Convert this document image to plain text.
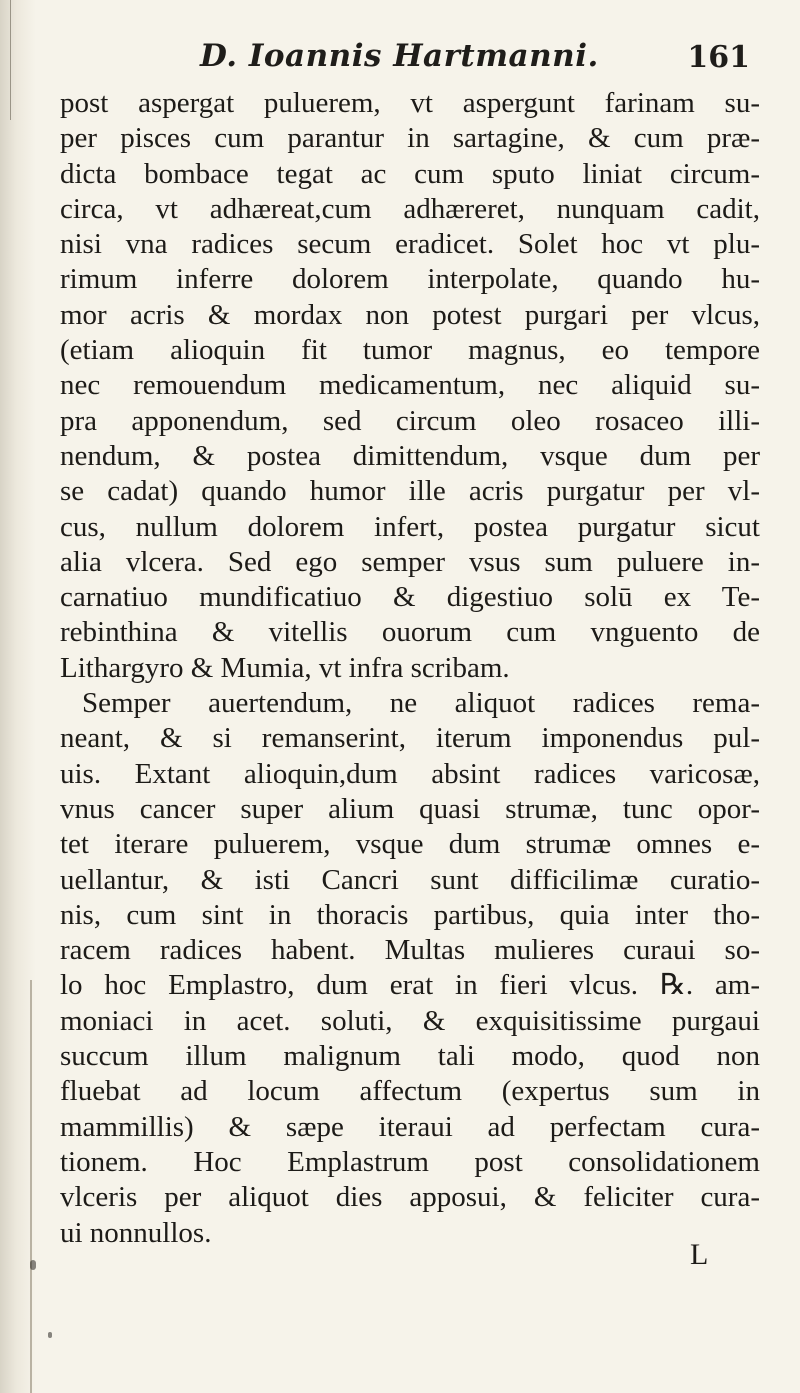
D. Ioannis Hartmanni.	161
post aspergat puluerem, vt aspergunt farinam su-
per pisces cum parantur in sartagine, & cum præ-
dicta bombace tegat ac cum sputo liniat circum-
circa, vt adhæreat,cum adhæreret, nunquam cadit,
nisi vna radices secum eradicet. Solet hoc vt plu-
rimum inferre dolorem interpolate, quando hu-
mor acris & mordax non potest purgari per vlcus,
(etiam alioquin fit tumor magnus, eo tempore
nec remouendum medicamentum, nec aliquid su-
pra apponendum, sed circum oleo rosaceo illi-
nendum, & postea dimittendum, vsque dum per
se cadat) quando humor ille acris purgatur per vl-
cus, nullum dolorem infert, postea purgatur sicut
alia vlcera. Sed ego semper vsus sum puluere in-
carnatiuo mundificatiuo & digestiuo solū ex Te-
rebinthina & vitellis ouorum cum vnguento de
Lithargyro & Mumia, vt infra scribam.
Semper auertendum, ne aliquot radices rema-
neant, & si remanserint, iterum imponendus pul-
uis. Extant alioquin,dum absint radices varicosæ,
vnus cancer super alium quasi strumæ, tunc opor-
tet iterare puluerem, vsque dum strumæ omnes e-
uellantur, & isti Cancri sunt difficilimæ curatio-
nis, cum sint in thoracis partibus, quia inter tho-
racem radices habent. Multas mulieres curaui so-
lo hoc Emplastro, dum erat in fieri vlcus. ℞. am-
moniaci in acet. soluti, & exquisitissime purgaui
succum illum malignum tali modo, quod non
fluebat ad locum affectum (expertus sum in
mammillis) & sæpe iteraui ad perfectam cura-
tionem. Hoc Emplastrum post consolidationem
vlceris per aliquot dies apposui, & feliciter cura-
ui nonnullos.
L
